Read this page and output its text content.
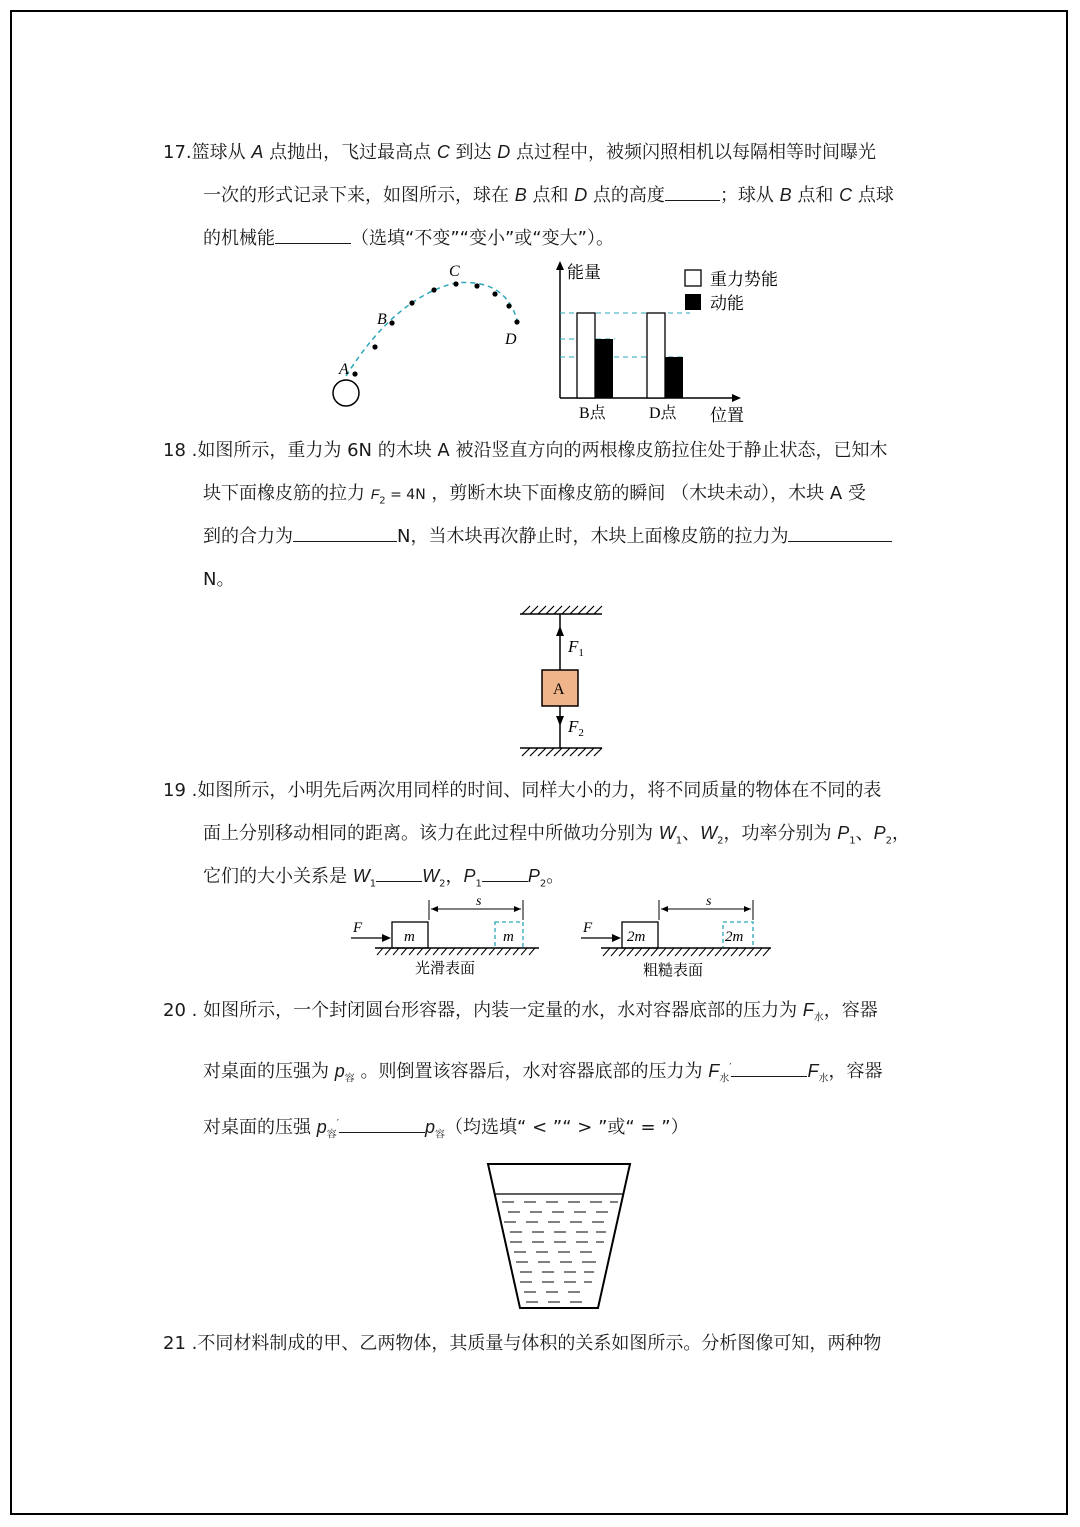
17.篮球从 A 点抛出，飞过最高点 C 到达 D 点过程中，被频闪照相机以每隔相等时间曝光
一次的形式记录下来，如图所示，球在 B 点和 D 点的高度	；球从 B 点和 C 点球
的机械能	（选填“不变”“变小”或“变大”）。
A
B
C
D
能量
位置
B点	D点
重力势能
动能
18 .如图所示，重力为 6N 的木块 A 被沿竖直方向的两根橡皮筋拉住处于静止状态，已知木
块下面橡皮筋的拉力 $F_2 = 4N$ ，剪断木块下面橡皮筋的瞬间 （木块未动），木块 A 受
到的合力为	N，当木块再次静止时，木块上面橡皮筋的拉力为
N。
A
$F_1$
$F_2$
19 .如图所示，小明先后两次用同样的时间、同样大小的力，将不同质量的物体在不同的表
面上分别移动相同的距离。该力在此过程中所做功分别为 $W_1$、$W_2$，功率分别为 $P_1$、$P_2$，
它们的大小关系是 $W_1$	$W_2$，$P_1$	$P_2$。
F
m	m
s
光滑表面
F
2m	2m
s
粗糙表面
20 . 如图所示，一个封闭圆台形容器，内装一定量的水，水对容器底部的压力为 $F_水$，容器
对桌面的压强为 $p_容$ 。则倒置该容器后，水对容器底部的压力为 $F_水'$	$F_水$，容器
对桌面的压强 $p_容'$	$p_容$（均选填“ < ”“ > ”或“ = ”）
21 .不同材料制成的甲、乙两物体，其质量与体积的关系如图所示。分析图像可知，两种物
